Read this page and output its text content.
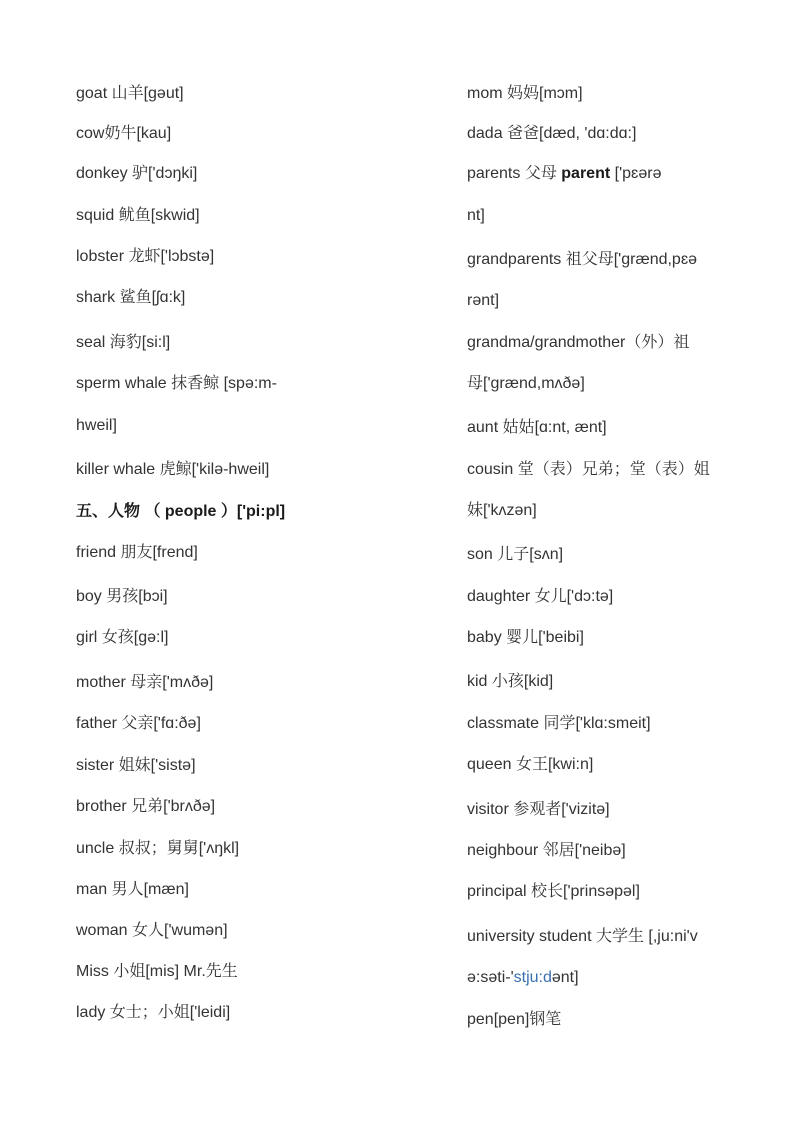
goat 山羊[gəut]
cow奶牛[kau]
donkey 驴['dɔŋki]
squid 鱿鱼[skwid]
lobster 龙虾['lɔbstə]
shark 鲨鱼[ʃɑ:k]
seal 海豹[si:l]
sperm whale 抹香鲸 [spə:m-
hweil]
killer whale 虎鲸['kilə-hweil]
五、人物 （ people ）['pi:pl]
friend 朋友[frend]
boy 男孩[bɔi]
girl 女孩[gə:l]
mother 母亲['mʌðə]
father 父亲['fɑ:ðə]
sister 姐妹['sistə]
brother 兄弟['brʌðə]
uncle 叔叔；舅舅['ʌŋkl]
man 男人[mæn]
woman 女人['wumən]
Miss 小姐[mis] Mr.先生
lady 女士；小姐['leidi]
mom 妈妈[mɔm]
dada 爸爸[dæd, 'dɑ:dɑ:]
parents 父母 parent ['pɛərə
nt]
grandparents 祖父母['grænd,pɛə
rənt]
grandma/grandmother（外）祖
母['grænd,mʌðə]
aunt 姑姑[ɑ:nt, ænt]
cousin 堂（表）兄弟；堂（表）姐
妹['kʌzən]
son 儿子[sʌn]
daughter 女儿['dɔ:tə]
baby 婴儿['beibi]
kid 小孩[kid]
classmate 同学['klɑ:smeit]
queen 女王[kwi:n]
visitor 参观者['vizitə]
neighbour 邻居['neibə]
principal 校长['prinsəpəl]
university student 大学生 [,ju:ni'v
ə:səti-'stju:dənt]
pen[pen]钢笔
